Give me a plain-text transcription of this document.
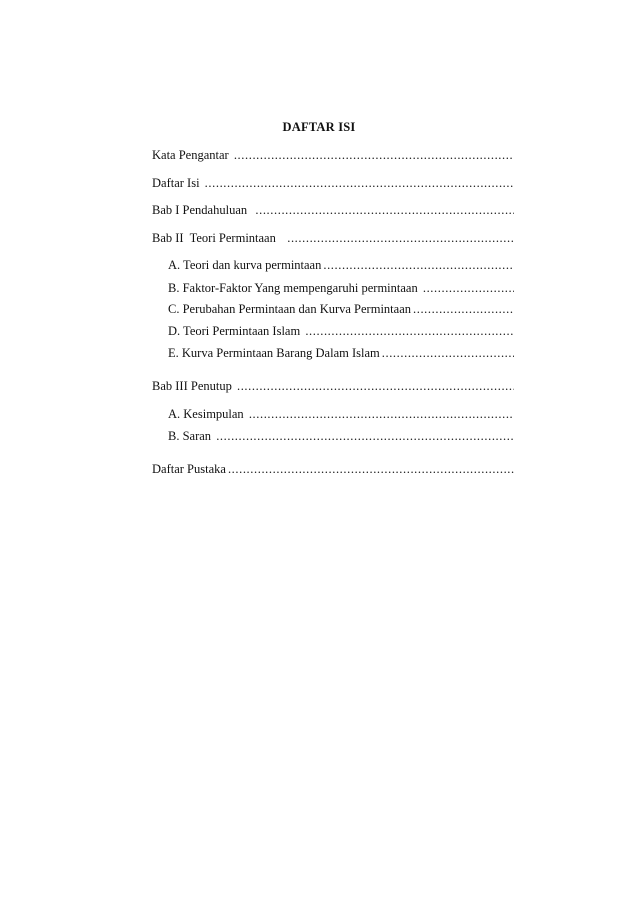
DAFTAR ISI
Kata Pengantar
.....
Daftar Isi
.....
Bab I Pendahuluan
.....
Bab II  Teori Permintaan
.....
A. Teori dan kurva permintaan
.....
B. Faktor-Faktor Yang mempengaruhi permintaan
.....
C. Perubahan Permintaan dan Kurva Permintaan
.....
D. Teori Permintaan Islam
.....
E. Kurva Permintaan Barang Dalam Islam
.....
Bab III Penutup
.....
A. Kesimpulan
.....
B. Saran
.....
Daftar Pustaka
.....
